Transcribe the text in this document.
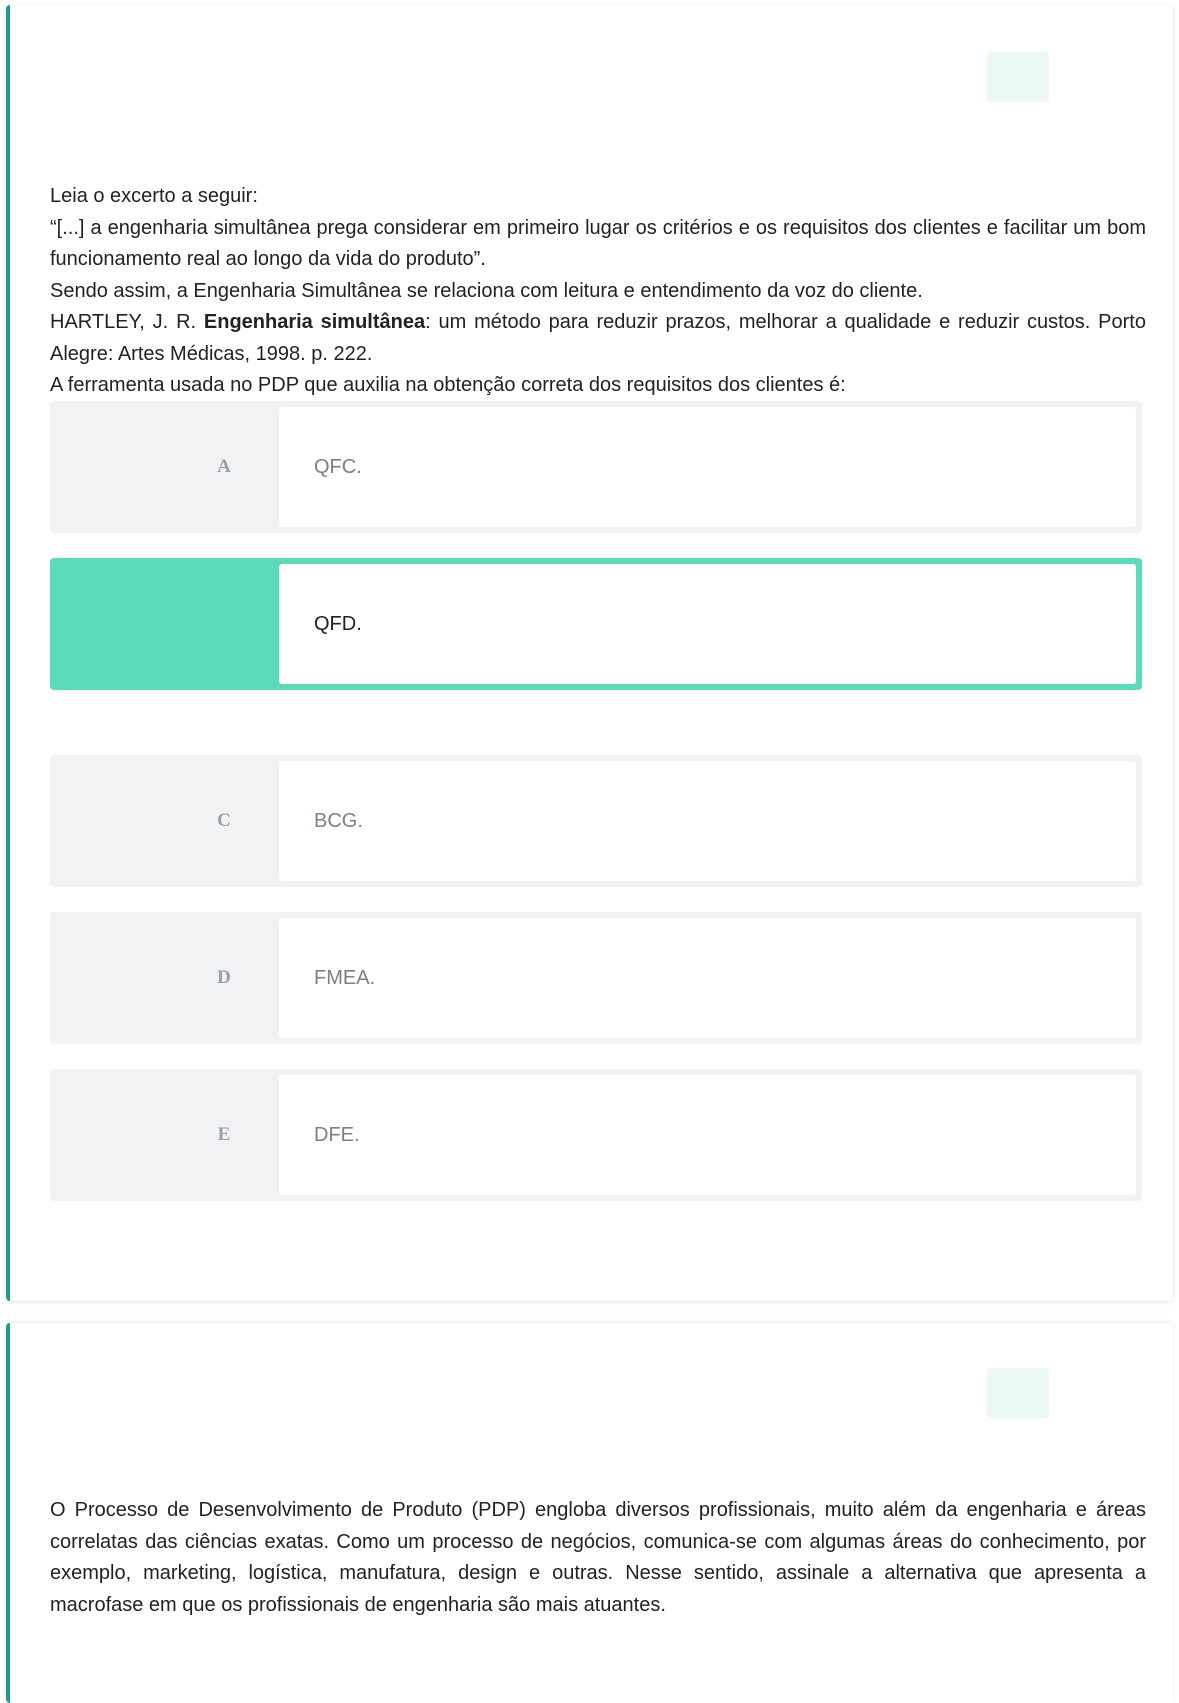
Leia o excerto a seguir:

“[...] a engenharia simultânea prega considerar em primeiro lugar os critérios e os requisitos dos clientes e facilitar um bom funcionamento real ao longo da vida do produto”.

Sendo assim, a Engenharia Simultânea se relaciona com leitura e entendimento da voz do cliente.

HARTLEY, J. R. Engenharia simultânea: um método para reduzir prazos, melhorar a qualidade e reduzir custos. Porto Alegre: Artes Médicas, 1998. p. 222.

A ferramenta usada no PDP que auxilia na obtenção correta dos requisitos dos clientes é:

A	QFC.
QFD.
C	BCG.
D	FMEA.
E	DFE.

O Processo de Desenvolvimento de Produto (PDP) engloba diversos profissionais, muito além da engenharia e áreas correlatas das ciências exatas. Como um processo de negócios, comunica-se com algumas áreas do conhecimento, por exemplo, marketing, logística, manufatura, design e outras. Nesse sentido, assinale a alternativa que apresenta a macrofase em que os profissionais de engenharia são mais atuantes.
